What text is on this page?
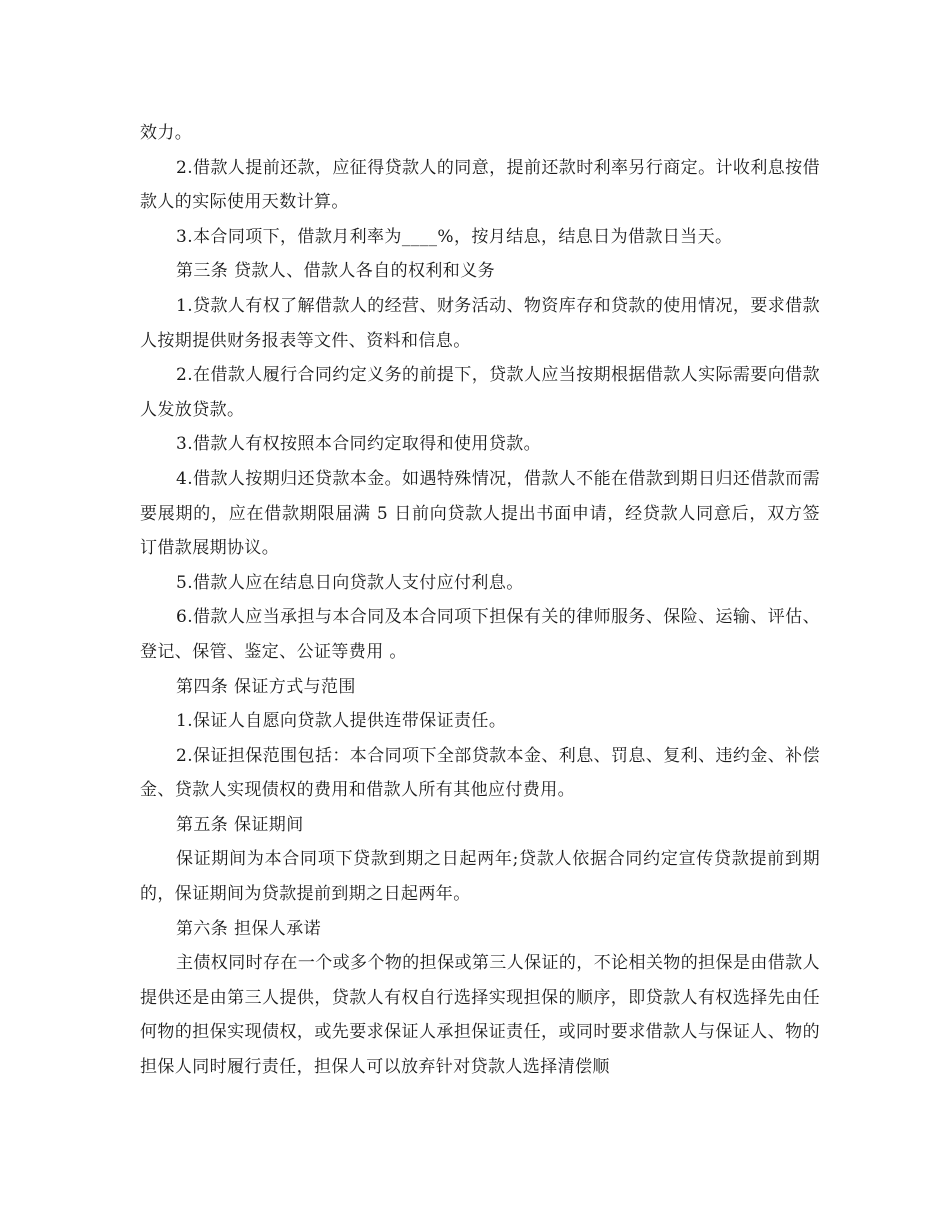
效力。

2.借款人提前还款，应征得贷款人的同意，提前还款时利率另行商定。计收利息按借款人的实际使用天数计算。

3.本合同项下，借款月利率为____%，按月结息，结息日为借款日当天。

第三条 贷款人、借款人各自的权利和义务

1.贷款人有权了解借款人的经营、财务活动、物资库存和贷款的使用情况，要求借款人按期提供财务报表等文件、资料和信息。

2.在借款人履行合同约定义务的前提下，贷款人应当按期根据借款人实际需要向借款人发放贷款。

3.借款人有权按照本合同约定取得和使用贷款。

4.借款人按期归还贷款本金。如遇特殊情况，借款人不能在借款到期日归还借款而需要展期的，应在借款期限届满 5 日前向贷款人提出书面申请，经贷款人同意后，双方签订借款展期协议。

5.借款人应在结息日向贷款人支付应付利息。

6.借款人应当承担与本合同及本合同项下担保有关的律师服务、保险、运输、评估、登记、保管、鉴定、公证等费用 。

第四条 保证方式与范围

1.保证人自愿向贷款人提供连带保证责任。

2.保证担保范围包括：本合同项下全部贷款本金、利息、罚息、复利、违约金、补偿金、贷款人实现债权的费用和借款人所有其他应付费用。

第五条 保证期间

保证期间为本合同项下贷款到期之日起两年;贷款人依据合同约定宣传贷款提前到期的，保证期间为贷款提前到期之日起两年。

第六条 担保人承诺

主债权同时存在一个或多个物的担保或第三人保证的，不论相关物的担保是由借款人提供还是由第三人提供，贷款人有权自行选择实现担保的顺序，即贷款人有权选择先由任何物的担保实现债权，或先要求保证人承担保证责任，或同时要求借款人与保证人、物的担保人同时履行责任，担保人可以放弃针对贷款人选择清偿顺
